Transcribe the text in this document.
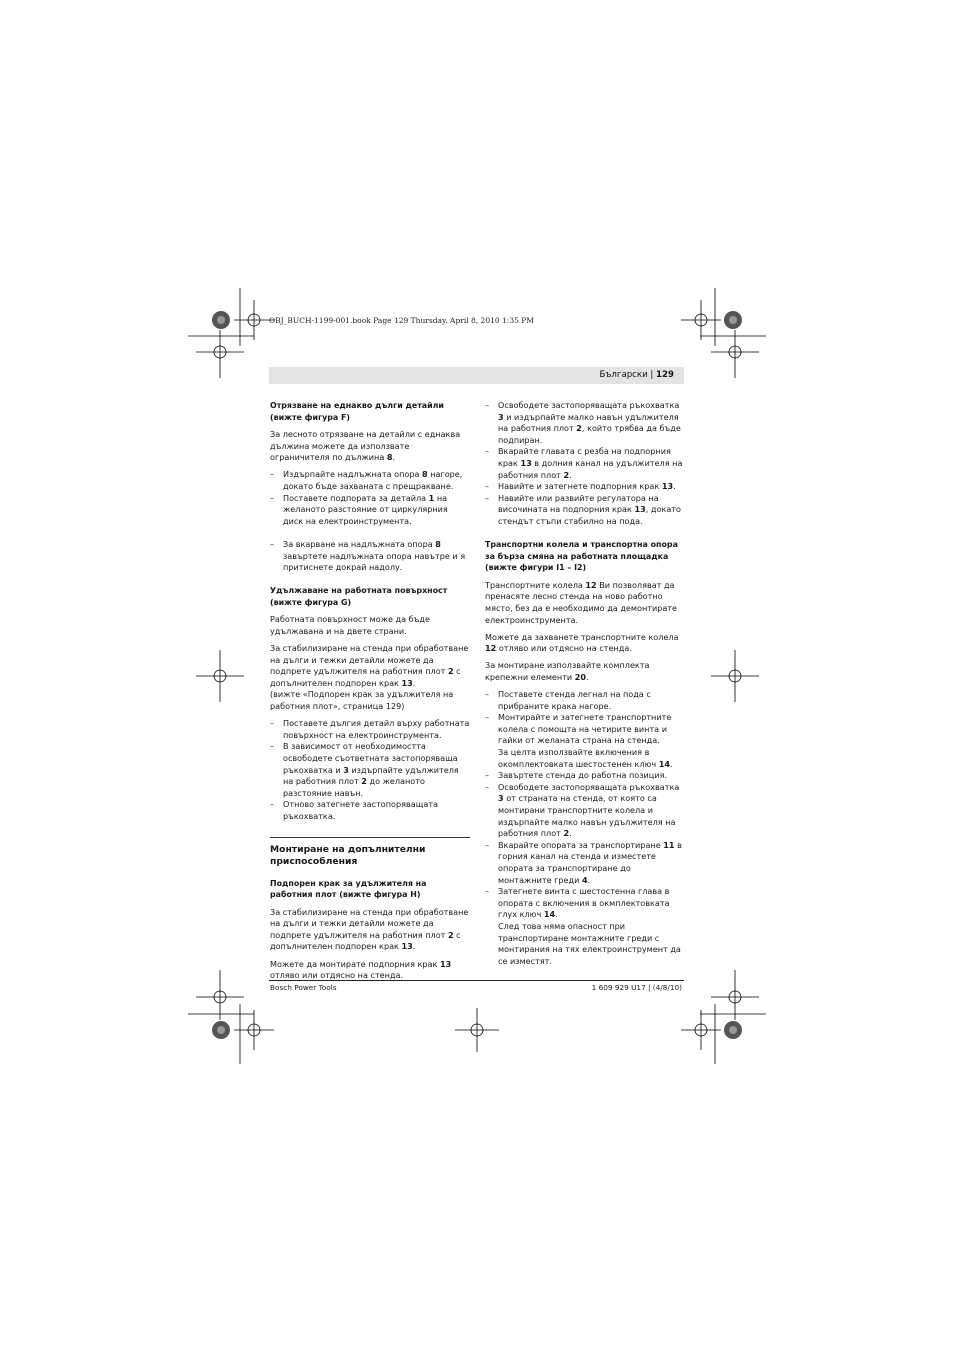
OBJ_BUCH-1199-001.book Page 129 Thursday, April 8, 2010 1:35 PM
Български | 129
Отрязване на еднакво дълги детайли (вижте фигура F)

За лесното отрязване на детайли с еднаква дължина можете да използвате ограничителя по дължина 8.

– Издърпайте надлъжната опора 8 нагоре, докато бъде захваната с прещракване.
– Поставете подпората за детайла 1 на желаното разстояние от циркулярния диск на електроинструмента.
– За вкарване на надлъжната опора 8 завъртете надлъжната опора навътре и я притиснете докрай надолу.
Удължаване на работната повърхност (вижте фигура G)

Работната повърхност може да бъде удължавана и на двете страни.

За стабилизиране на стенда при обработване на дълги и тежки детайли можете да подпрете удължителя на работния плот 2 с допълнителен подпорен крак 13.

(вижте «Подпорен крак за удължителя на работния плот», страница 129)

– Поставете дългия детайл върху работната повърхност на електроинструмента.
– В зависимост от необходимостта освободете съответната застопоряваща ръкохватка и 3 издърпайте удължителя на работния плот 2 до желаното разстояние навън.
– Отново затегнете застопоряващата ръкохватка.
Монтиране на допълнителни приспособления
Подпорен крак за удължителя на работния плот (вижте фигура H)

За стабилизиране на стенда при обработване на дълги и тежки детайли можете да подпрете удължителя на работния плот 2 с допълнителен подпорен крак 13.

Можете да монтирате подпорния крак 13 отляво или отдясно на стенда.

– Освободете застопоряващата ръкохватка 3 и издърпайте малко навън удължителя на работния плот 2, който трябва да бъде подпиран.
– Вкарайте главата с резба на подпорния крак 13 в долния канал на удължителя на работния плот 2.
– Навийте и затегнете подпорния крак 13.
– Навийте или развийте регулатора на височината на подпорния крак 13, докато стендът стъпи стабилно на пода.
Транспортни колела и транспортна опора за бърза смяна на работната площадка (вижте фигури I1 – I2)

Транспортните колела 12 Ви позволяват да пренасяте лесно стенда на ново работно място, без да е необходимо да демонтирате електроинструмента.

Можете да захванете транспортните колела 12 отляво или отдясно на стенда.

За монтиране използвайте комплекта крепежни елементи 20.

– Поставете стенда легнал на пода с прибраните крака нагоре.
– Монтирайте и затегнете транспортните колела с помощта на четирите винта и гайки от желаната страна на стенда.
За целта използвайте включения в окомплектовката шестостенен ключ 14.
– Завъртете стенда до работна позиция.
– Освободете застопоряващата ръкохватка 3 от страната на стенда, от която са монтирани транспортните колела и издърпайте малко навън удължителя на работния плот 2.
– Вкарайте опората за транспортиране 11 в горния канал на стенда и изместете опората за транспортиране до монтажните греди 4.
– Затегнете винта с шестостенна глава в опората с включения в окмплектовката глух ключ 14.
След това няма опасност при транспортиране монтажните греди с монтирания на тях електроинструмент да се изместят.
Bosch Power Tools	1 609 929 U17 | (4/8/10)
